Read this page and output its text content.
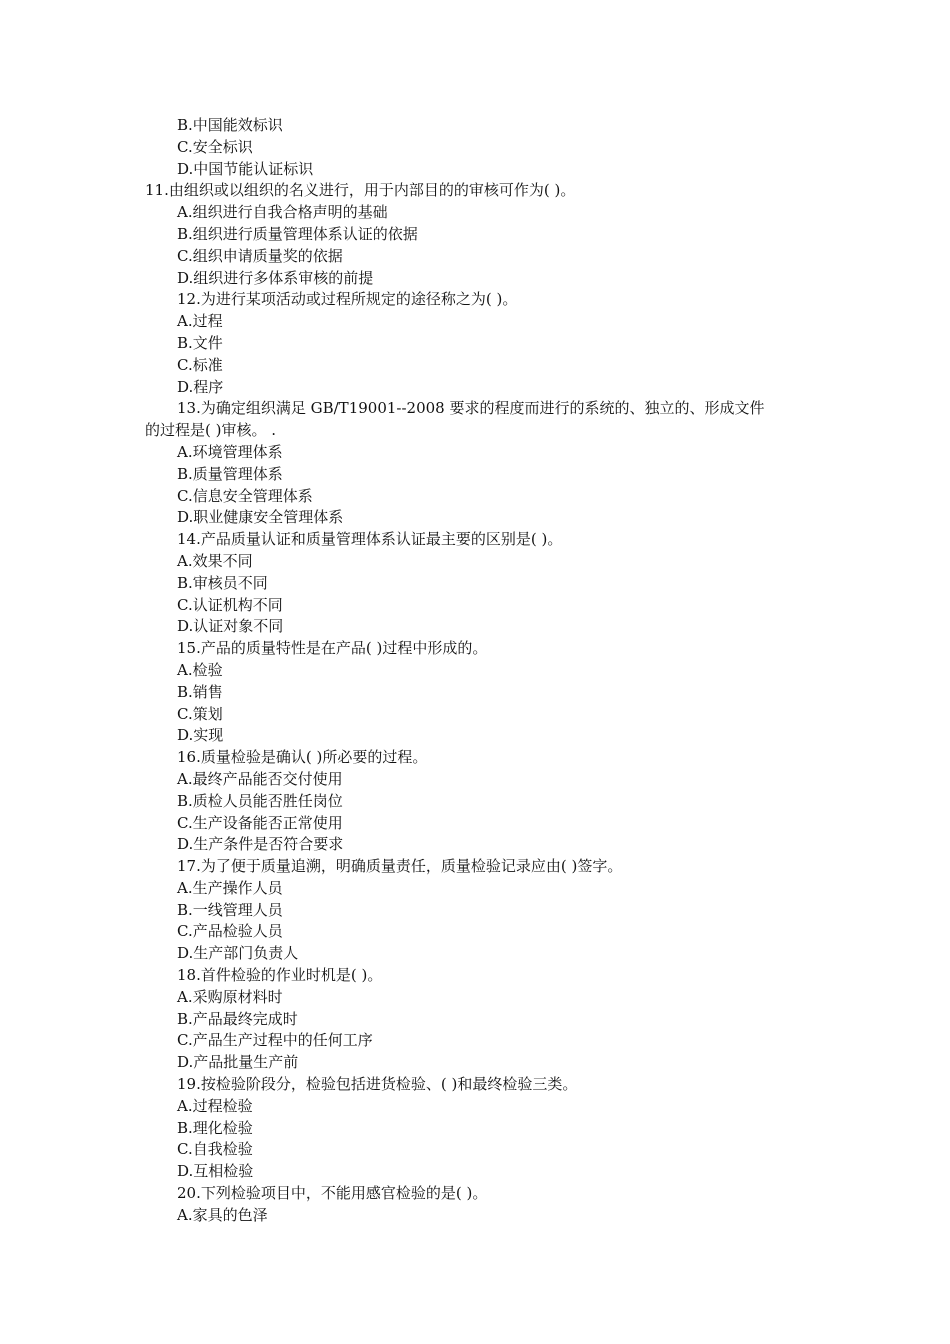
B.中国能效标识
C.安全标识
D.中国节能认证标识
11.由组织或以组织的名义进行，用于内部目的的审核可作为( )。
A.组织进行自我合格声明的基础
B.组织进行质量管理体系认证的依据
C.组织申请质量奖的依据
D.组织进行多体系审核的前提
12.为进行某项活动或过程所规定的途径称之为( )。
A.过程
B.文件
C.标准
D.程序
13.为确定组织满足 GB/T19001--2008 要求的程度而进行的系统的、独立的、形成文件
的过程是( )审核。 .
A.环境管理体系
B.质量管理体系
C.信息安全管理体系
D.职业健康安全管理体系
14.产品质量认证和质量管理体系认证最主要的区别是( )。
A.效果不同
B.审核员不同
C.认证机构不同
D.认证对象不同
15.产品的质量特性是在产品( )过程中形成的。
A.检验
B.销售
C.策划
D.实现
16.质量检验是确认( )所必要的过程。
A.最终产品能否交付使用
B.质检人员能否胜任岗位
C.生产设备能否正常使用
D.生产条件是否符合要求
17.为了便于质量追溯，明确质量责任，质量检验记录应由( )签字。
A.生产操作人员
B.一线管理人员
C.产品检验人员
D.生产部门负责人
18.首件检验的作业时机是( )。
A.采购原材料时
B.产品最终完成时
C.产品生产过程中的任何工序
D.产品批量生产前
19.按检验阶段分，检验包括进货检验、( )和最终检验三类。
A.过程检验
B.理化检验
C.自我检验
D.互相检验
20.下列检验项目中，不能用感官检验的是( )。
A.家具的色泽
